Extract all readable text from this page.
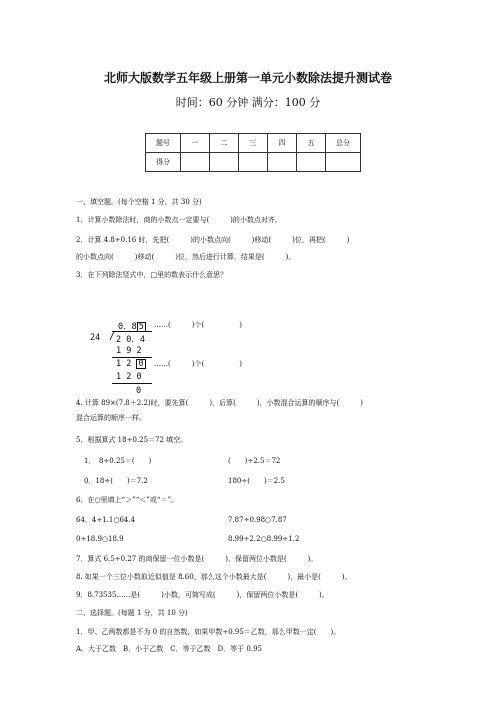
北师大版数学五年级上册第一单元小数除法提升测试卷
时间：60 分钟 满分：100 分
题号	一	二	三	四	五	总分
得分						
一、填空题。(每个空格 1 分，共 30 分)
1．计算小数除法时，商的小数点一定要与(　　　)的小数点对齐。
2．计算 4.8÷0.16 时，先把(　　　)的小数点向(　　　)移动(　　　)位，再把(　　　)
的小数点向(　　　)移动(　　　)位，然后进行计算，结果是(　　　)。
3．在下列除法竖式中，□里的数表示什么意思？
0．8 5 ……(　　　)个(　　　　　)
24 / 2 0．4
1 9 2
1 2 0 ……(　　　)个(　　　　　)
1 2 0
0
4. 计算 89×(7.8＋2.2)时，要先算(　　　)，后算(　　　)，小数混合运算的顺序与(　　　)
混合运算的顺序一样。
5．根据算式 18÷0.25＝72 填空。
1．　8÷0.25＝(　　)	(　　)÷2.5＝72
0．18÷(　　)＝7.2	180÷(　　)＝2.5
6．在○里填上“＞”“＜”或“＝”。
64．4÷1.1○64.4	7.87÷0.98○7.87
0÷18.9○18.9	8.99÷2.2○8.99÷1.2
7．算式 6.5÷0.27 的商保留一位小数是(　　　)，保留两位小数是(　　　)。
8. 如果一个三位小数取近似值是 8.60，那么这个小数最大是(　　　)，最小是(　　　)。
9．8.73535……是(　　　)小数，可简写成(　　　)，保留两位小数是(　　　)。
二、选择题。(每题 1 分，共 10 分)
1．甲、乙两数都是不为 0 的自然数，如果甲数÷0.95＝乙数，那么甲数一定(　　)。
A．大于乙数　B．小于乙数　C．等于乙数　D．等于 0.95
